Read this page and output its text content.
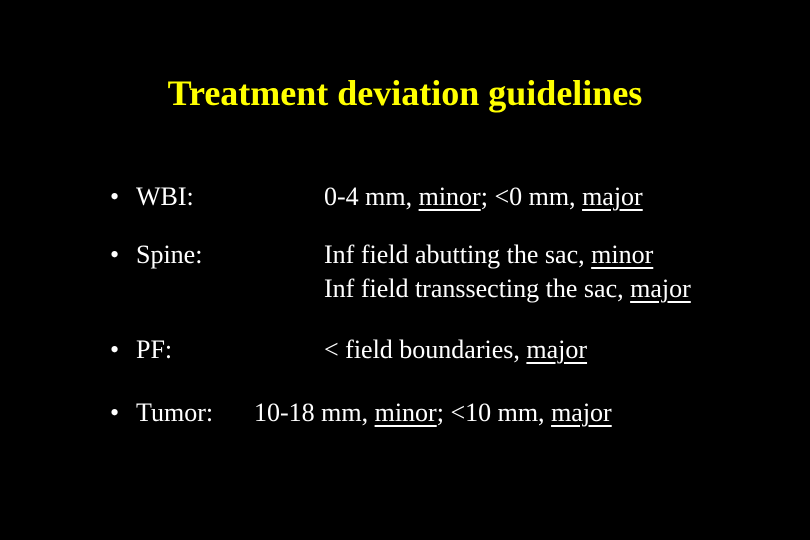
Treatment deviation guidelines
• WBI:	0-4 mm, minor; <0 mm, major
• Spine:	Inf field abutting the sac, minor
Inf field transsecting the sac, major
• PF:	< field boundaries, major
• Tumor: 10-18 mm, minor; <10 mm, major
